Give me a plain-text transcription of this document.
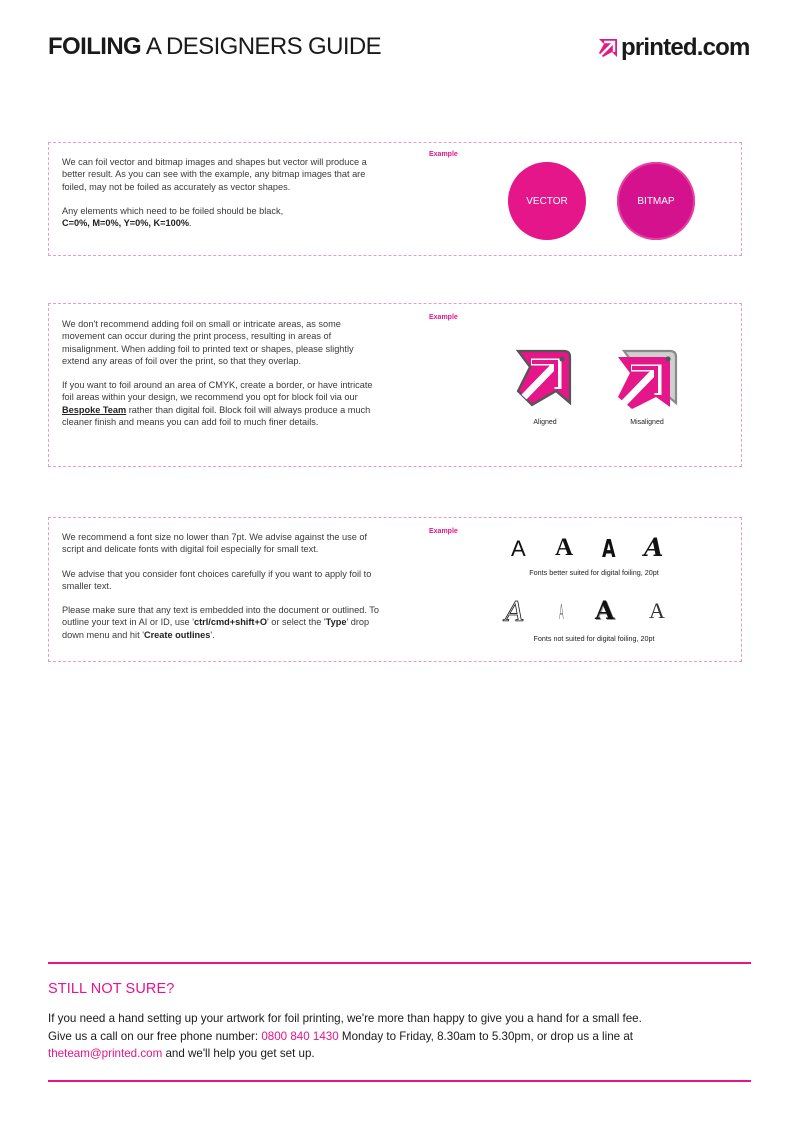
FOILING A DESIGNERS GUIDE	printed.com

We can foil vector and bitmap images and shapes but vector will produce a better result. As you can see with the example, any bitmap images that are foiled, may not be foiled as accurately as vector shapes.

Any elements which need to be foiled should be black,
C=0%, M=0%, Y=0%, K=100%.

Example
VECTOR	BITMAP

We don't recommend adding foil on small or intricate areas, as some movement can occur during the print process, resulting in areas of misalignment. When adding foil to printed text or shapes, please slightly extend any areas of foil over the print, so that they overlap.

If you want to foil around an area of CMYK, create a border, or have intricate foil areas within your design, we recommend you opt for block foil via our Bespoke Team rather than digital foil. Block foil will always produce a much cleaner finish and means you can add foil to much finer details.

Example
Aligned	Misaligned

We recommend a font size no lower than 7pt. We advise against the use of script and delicate fonts with digital foil especially for small text.

We advise that you consider font choices carefully if you want to apply foil to smaller text.

Please make sure that any text is embedded into the document or outlined. To outline your text in AI or ID, use 'ctrl/cmd+shift+O' or select the 'Type' drop down menu and hit 'Create outlines'.

Example
A A A A
Fonts better suited for digital foiling, 20pt
A A A A
Fonts not suited for digital foiling, 20pt
STILL NOT SURE?
If you need a hand setting up your artwork for foil printing, we're more than happy to give you a hand for a small fee.
Give us a call on our free phone number: 0800 840 1430 Monday to Friday, 8.30am to 5.30pm, or drop us a line at
theteam@printed.com and we'll help you get set up.
